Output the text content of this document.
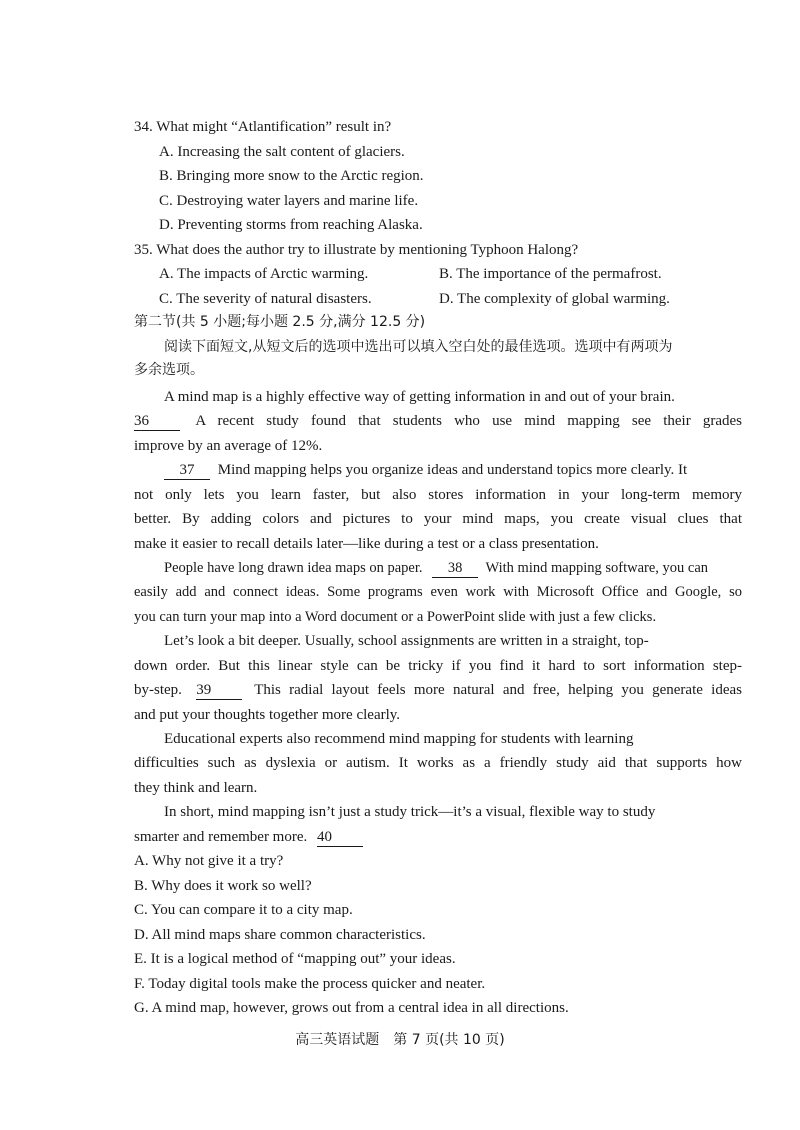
34. What might “Atlantification” result in?
A. Increasing the salt content of glaciers.
B. Bringing more snow to the Arctic region.
C. Destroying water layers and marine life.
D. Preventing storms from reaching Alaska.
35. What does the author try to illustrate by mentioning Typhoon Halong?
A. The impacts of Arctic warming.	B. The importance of the permafrost.
C. The severity of natural disasters.	D. The complexity of global warming.
第二节(共 5 小题;每小题 2.5 分,满分 12.5 分)
阅读下面短文,从短文后的选项中选出可以填入空白处的最佳选项。选项中有两项为
多余选项。
A mind map is a highly effective way of getting information in and out of your brain.
36	A recent study found that students who use mind mapping see their grades
improve by an average of 12%.
37 Mind mapping helps you organize ideas and understand topics more clearly. It
not only lets you learn faster, but also stores information in your long-term memory
better. By adding colors and pictures to your mind maps, you create visual clues that
make it easier to recall details later—like during a test or a class presentation.
People have long drawn idea maps on paper. 38 With mind mapping software, you can
easily add and connect ideas. Some programs even work with Microsoft Office and Google, so
you can turn your map into a Word document or a PowerPoint slide with just a few clicks.
Let’s look a bit deeper. Usually, school assignments are written in a straight, top-
down order. But this linear style can be tricky if you find it hard to sort information step-
by-step. 39	This radial layout feels more natural and free, helping you generate ideas
and put your thoughts together more clearly.
Educational experts also recommend mind mapping for students with learning
difficulties such as dyslexia or autism. It works as a friendly study aid that supports how
they think and learn.
In short, mind mapping isn’t just a study trick—it’s a visual, flexible way to study
smarter and remember more. 40
A. Why not give it a try?
B. Why does it work so well?
C. You can compare it to a city map.
D. All mind maps share common characteristics.
E. It is a logical method of “mapping out” your ideas.
F. Today digital tools make the process quicker and neater.
G. A mind map, however, grows out from a central idea in all directions.
高三英语试题　第 7 页(共 10 页)
